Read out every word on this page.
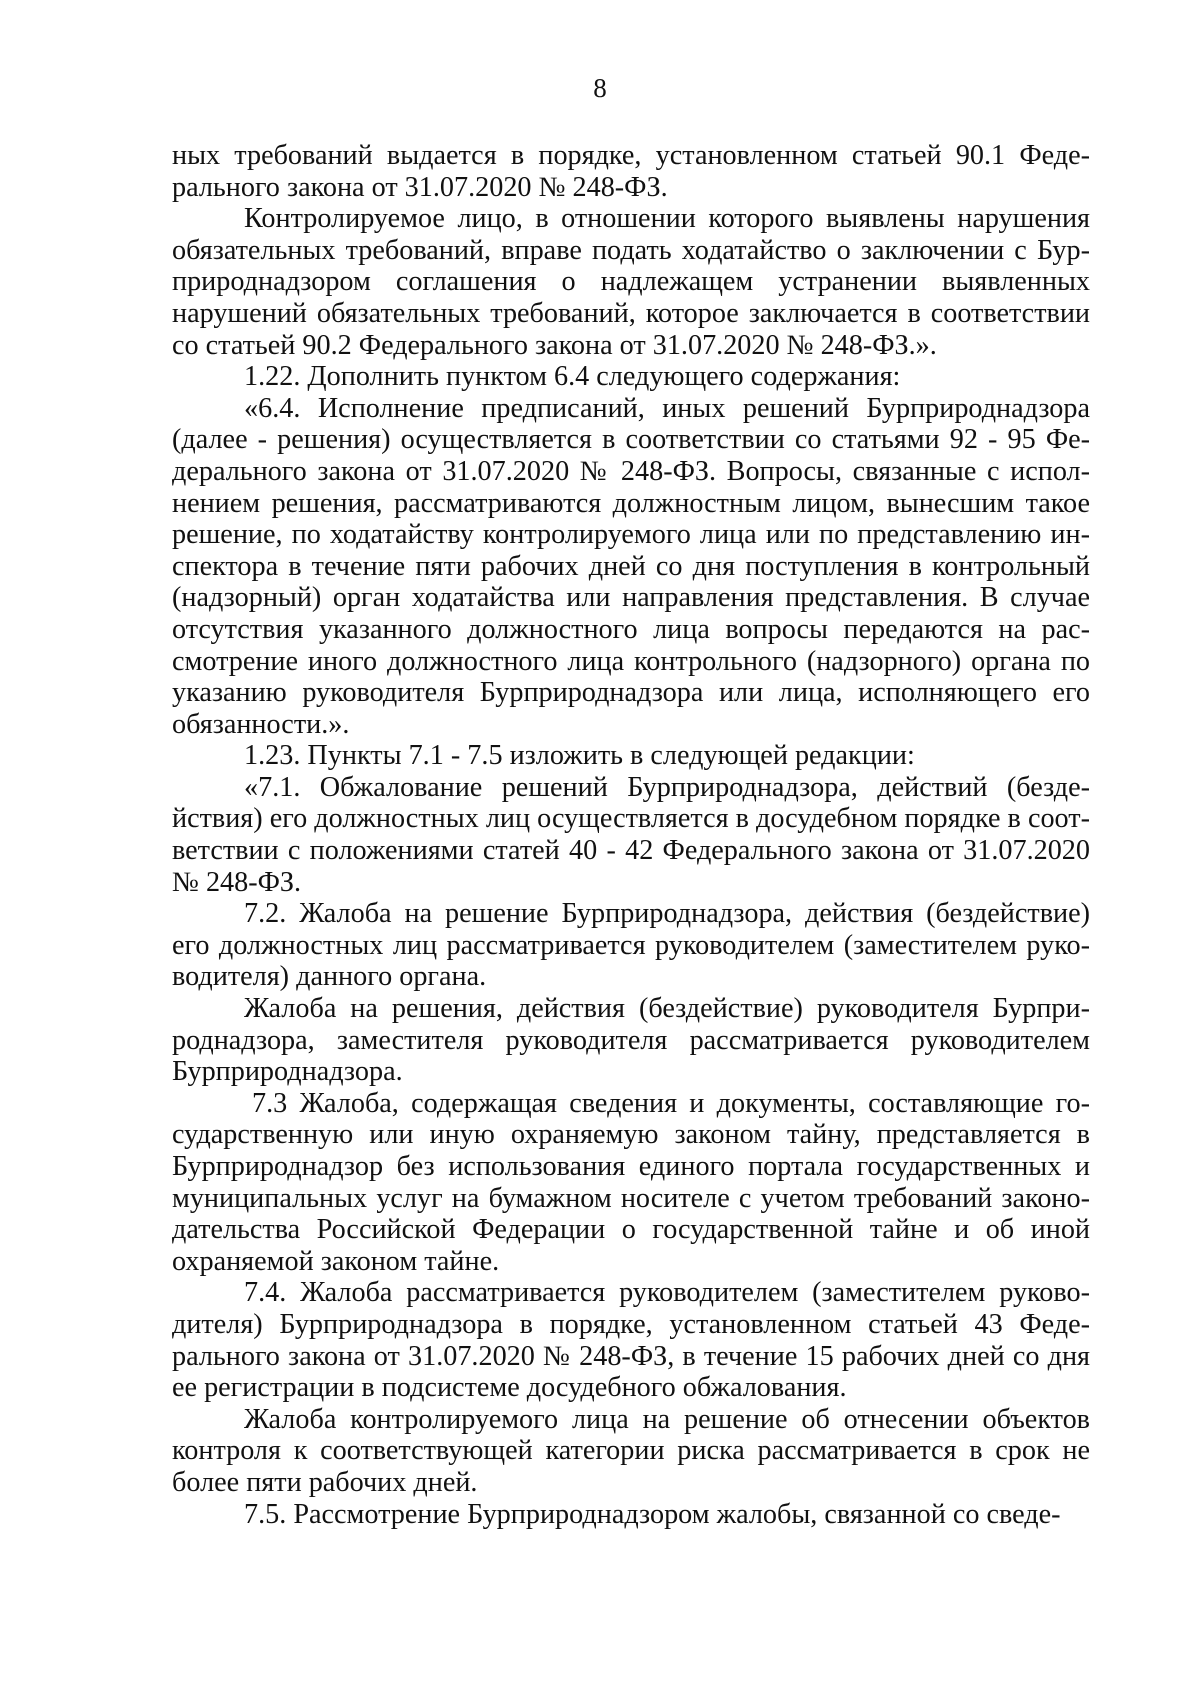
8

ных требований выдается в порядке, установленном статьей 90.1 Федерального закона от 31.07.2020 № 248-ФЗ.

Контролируемое лицо, в отношении которого выявлены нарушения обязательных требований, вправе подать ходатайство о заключении с Бурприроднадзором соглашения о надлежащем устранении выявленных нарушений обязательных требований, которое заключается в соответствии со статьей 90.2 Федерального закона от 31.07.2020 № 248-ФЗ.».

1.22. Дополнить пунктом 6.4 следующего содержания:

«6.4. Исполнение предписаний, иных решений Бурприроднадзора (далее - решения) осуществляется в соответствии со статьями 92 - 95 Федерального закона от 31.07.2020 № 248-ФЗ. Вопросы, связанные с исполнением решения, рассматриваются должностным лицом, вынесшим такое решение, по ходатайству контролируемого лица или по представлению инспектора в течение пяти рабочих дней со дня поступления в контрольный (надзорный) орган ходатайства или направления представления. В случае отсутствия указанного должностного лица вопросы передаются на рассмотрение иного должностного лица контрольного (надзорного) органа по указанию руководителя Бурприроднадзора или лица, исполняющего его обязанности.».

1.23. Пункты 7.1 - 7.5 изложить в следующей редакции:

«7.1. Обжалование решений Бурприроднадзора, действий (бездействия) его должностных лиц осуществляется в досудебном порядке в соответствии с положениями статей 40 - 42 Федерального закона от 31.07.2020 № 248-ФЗ.

7.2. Жалоба на решение Бурприроднадзора, действия (бездействие) его должностных лиц рассматривается руководителем (заместителем руководителя) данного органа.

Жалоба на решения, действия (бездействие) руководителя Бурприроднадзора, заместителя руководителя рассматривается руководителем Бурприроднадзора.

7.3 Жалоба, содержащая сведения и документы, составляющие государственную или иную охраняемую законом тайну, представляется в Бурприроднадзор без использования единого портала государственных и муниципальных услуг на бумажном носителе с учетом требований законодательства Российской Федерации о государственной тайне и об иной охраняемой законом тайне.

7.4. Жалоба рассматривается руководителем (заместителем руководителя) Бурприроднадзора в порядке, установленном статьей 43 Федерального закона от 31.07.2020 № 248-ФЗ, в течение 15 рабочих дней со дня ее регистрации в подсистеме досудебного обжалования.

Жалоба контролируемого лица на решение об отнесении объектов контроля к соответствующей категории риска рассматривается в срок не более пяти рабочих дней.

7.5. Рассмотрение Бурприроднадзором жалобы, связанной со сведе-
